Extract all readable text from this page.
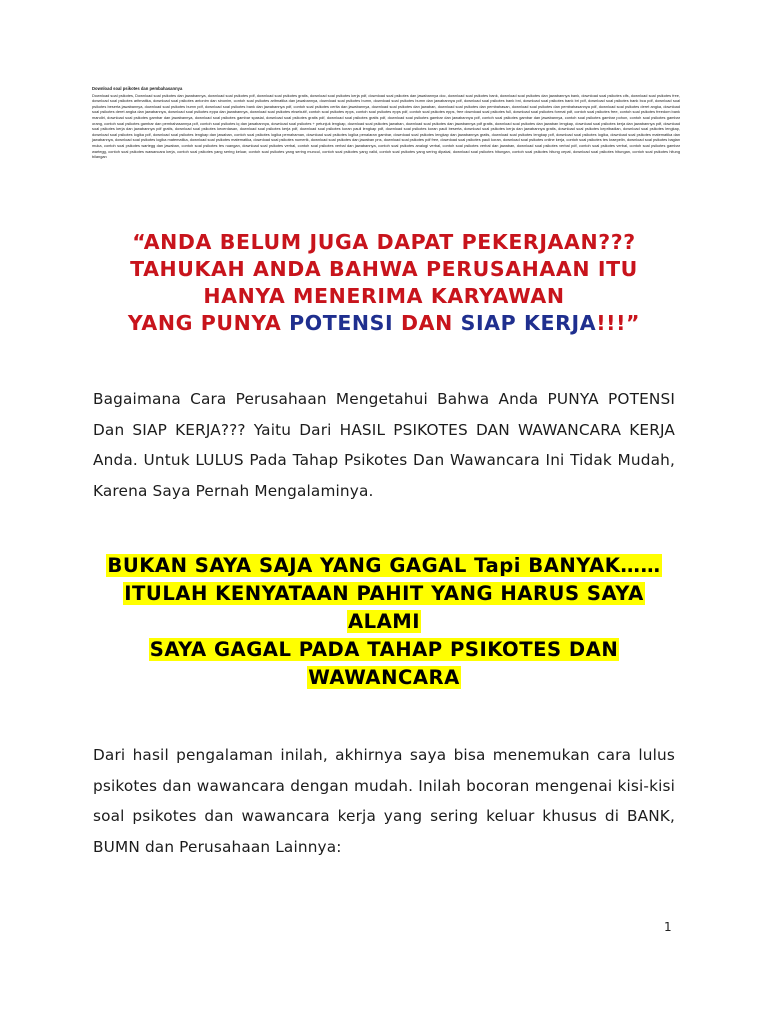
Download soal psikotes dan pembahasannya
Download soal psikotes, Download soal psikotes dan jawabannya, download soal psikotes pdf, download soal psikotes gratis, download soal psikotes kerja pdf, download soal psikotes dan jawabannya doc, download soal psikotes bank, download soal psikotes dan jawabannya bank, download soal psikotes cifs, download soal psikotes free, download soal psikotes aritmatika, download soal psikotes antonim dan sinonim, contoh soal psikotes aritmatika dan jawabannya, download soal psikotes bumn, download soal psikotes bumn dan jawabannya pdf, download soal psikotes bank bni, download soal psikotes bank bri pdf, download soal psikotes bank bca pdf, download soal psikotes beserta jawabannya, download soal psikotes bumn pdf, download soal psikotes bank dan jawabannya pdf, contoh soal psikotes cerita dan jawabannya, download soal psikotes dan jawaban, download soal psikotes dan pembahasan, download soal psikotes dan pembahasannya pdf, download soal psikotes deret angka, download soal psikotes deret angka dan jawabannya, download soal psikotes eppa dan jawabannya, download soal psikotes eksekutif, contoh soal psikotes epps, contoh soal psikotes epps pdf, contoh soal psikotes epps, free download soal psikotes full, download soal psikotes format pdf, contoh soal psikotes free, contoh soal psikotes freedom bank mandiri, download soal psikotes gambar dan jawabannya, download soal psikotes gambar spasial, download soal psikotes gratis pdf, download soal psikotes gratis pdf, download soal psikotes gambar dan jawabannya pdf, contoh soal psikotes gambar dan jawabannya, contoh soal psikotes gambar pohon, contoh soal psikotes gambar orang, contoh soal psikotes gambar dan pembahasannya pdf, contoh soal psikotes iq dan jawabannya, download soal psikotes + petunjuk lengkap, download soal psikotes jawaban, download soal psikotes dan jawabannya pdf gratis, download soal psikotes dan jawaban lengkap, download soal psikotes kerja dan jawabannya pdf, download soal psikotes kerja dan jawabannya pdf gratis, download soal psikotes kecerdasan, download soal psikotes kerja pdf, download soal psikotes koran pauli lengkap pdf, download soal psikotes koran pauli beserta, download soal psikotes kerja dan jawabannya gratis, download soal psikotes kepribadian, download soal psikotes lengkap, download soal psikotes logika pdf, download soal psikotes lengkap dan jawaban, contoh soal psikotes logika pemahaman, download soal psikotes logika penalaran gambar, download soal psikotes lengkap dan jawabannya gratis, download soal psikotes lengkap pdf, download soal psikotes logika, download soal psikotes matematika dan jawabannya, download soal psikotes logika matematika, download soal psikotes matematika, download soal psikotes numerik, download soal psikotes dan jawaban pns, download soal psikotes pdf free, download soal psikotes pauli koran, download soal psikotes online kerja, contoh soal psikotes tes kraepelin, download soal psikotes bagian muka, contoh soal psikotes wartegg dan jawaban, contoh soal psikotes tes ruangan, download soal psikotes verbal, contoh soal psikotes verbal dan jawabannya, contoh soal psikotes analogi verbal, contoh soal psikotes verbal dan jawaban, download soal psikotes verbal pdf, contoh soal psikotes verbal, contoh soal psikotes gambar wartegg, contoh soal psikotes wawancara kerja, contoh soal psikotes yang sering keluar, contoh soal psikotes yang sering muncul, contoh soal psikotes yang valid, contoh soal psikotes yang sering dipakai, download soal psikotes hitungan, contoh soal psikotes hitung cepat, download soal psikotes hitungan, contoh soal psikotes hitung bilangan
“ANDA BELUM JUGA DAPAT PEKERJAAN???
TAHUKAH ANDA BAHWA PERUSAHAAN ITU
HANYA MENERIMA KARYAWAN
YANG PUNYA POTENSI DAN SIAP KERJA!!!”

Bagaimana Cara Perusahaan Mengetahui Bahwa Anda PUNYA POTENSI Dan SIAP KERJA??? Yaitu Dari HASIL PSIKOTES DAN WAWANCARA KERJA Anda. Untuk LULUS Pada Tahap Psikotes Dan Wawancara Ini Tidak Mudah, Karena Saya Pernah Mengalaminya.

BUKAN SAYA SAJA YANG GAGAL Tapi BANYAK……
ITULAH KENYATAAN PAHIT YANG HARUS SAYA
ALAMI
SAYA GAGAL PADA TAHAP PSIKOTES DAN
WAWANCARA

Dari hasil pengalaman inilah, akhirnya saya bisa menemukan cara lulus psikotes dan wawancara dengan mudah. Inilah bocoran mengenai kisi-kisi soal psikotes dan wawancara kerja yang sering keluar khusus di BANK, BUMN dan Perusahaan Lainnya:

1
